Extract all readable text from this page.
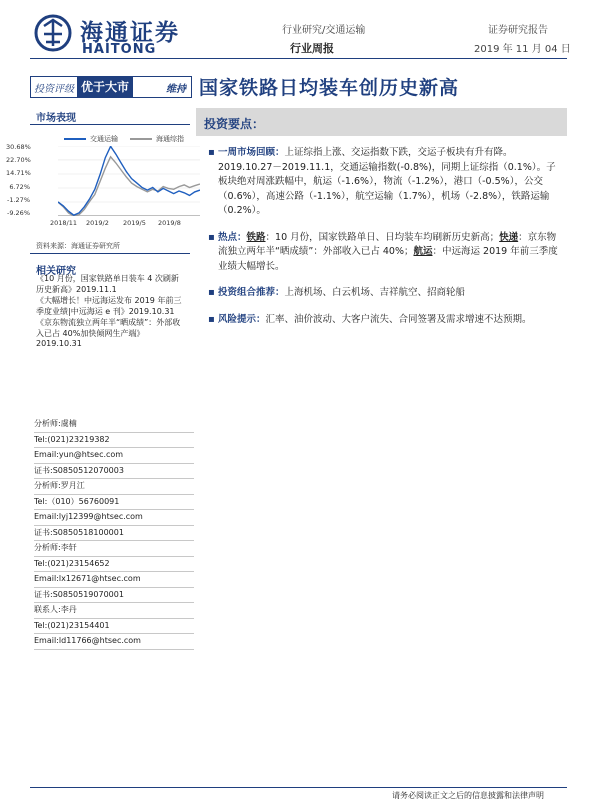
海通证券
HAITONG
行业研究/交通运输
行业周报
证券研究报告
2019 年 11 月 04 日
投资评级 优于大市	维持 国家铁路日均装车创历史新高
市场表现
交通运输	海通综指
30.68%
22.70%
14.71%
6.72%
-1.27%
-9.26%
2018/11 2019/2 2019/5 2019/8
资料来源：海通证券研究所
相关研究
《10 月份，国家铁路单日装车 4 次刷新历史新高》2019.11.1
《大幅增长！中远海运发布 2019 年前三季度业绩|中远海运 e 刊》2019.10.31
《京东物流独立两年半“晒成绩”：外部收入已占 40%加快倾网生产端》2019.10.31
分析师:虞楠
Tel:(021)23219382
Email:yun@htsec.com
证书:S0850512070003
分析师:罗月江
Tel:（010）56760091
Email:lyj12399@htsec.com
证书:S0850518100001
分析师:李轩
Tel:(021)23154652
Email:lx12671@htsec.com
证书:S0850519070001
联系人:李丹
Tel:(021)23154401
Email:ld11766@htsec.com
投资要点：
▪ 一周市场回顾：上证综指上涨、交运指数下跌，交运子板块有升有降。2019.10.27－2019.11.1，交通运输指数(-0.8%)，同期上证综指（0.1%）。子板块绝对周涨跌幅中，航运（-1.6%），物流（-1.2%），港口（-0.5%），公交（0.6%），高速公路（-1.1%），航空运输（1.7%），机场（-2.8%），铁路运输（0.2%）。
▪ 热点：铁路：10 月份，国家铁路单日、日均装车均刷新历史新高；快递：京东物流独立两年半“晒成绩”：外部收入已占 40%；航运：中远海运 2019 年前三季度业绩大幅增长。
▪ 投资组合推荐：上海机场、白云机场、吉祥航空、招商轮船
▪ 风险提示：汇率、油价波动、大客户流失、合同签署及需求增速不达预期。
请务必阅读正文之后的信息披露和法律声明
